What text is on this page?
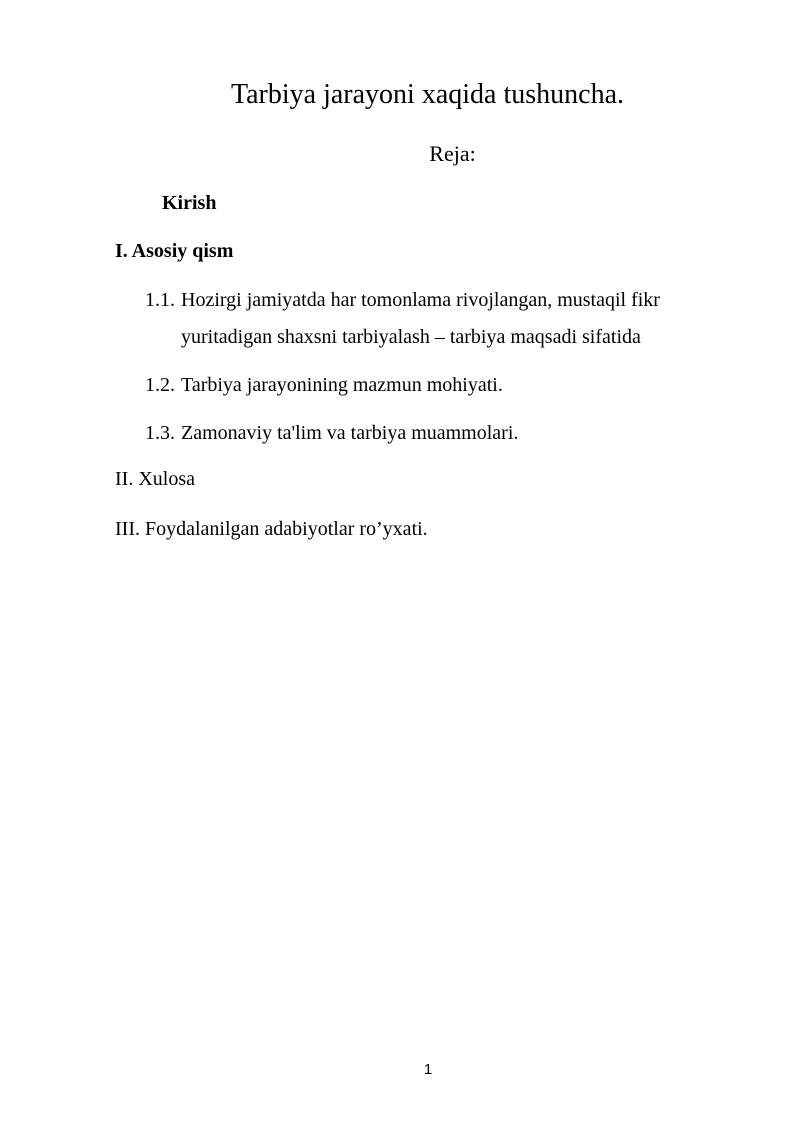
Tarbiya jarayoni xaqida tushuncha.
Reja:
Kirish
I. Asosiy qism
1.1. Hozirgi jamiyatda har tomonlama rivojlangan, mustaqil fikr yuritadigan shaxsni tarbiyalash – tarbiya maqsadi sifatida
1.2. Tarbiya jarayonining mazmun mohiyati.
1.3. Zamonaviy ta'lim va tarbiya muammolari.
II. Xulosa
III. Foydalanilgan adabiyotlar ro’yxati.
1
